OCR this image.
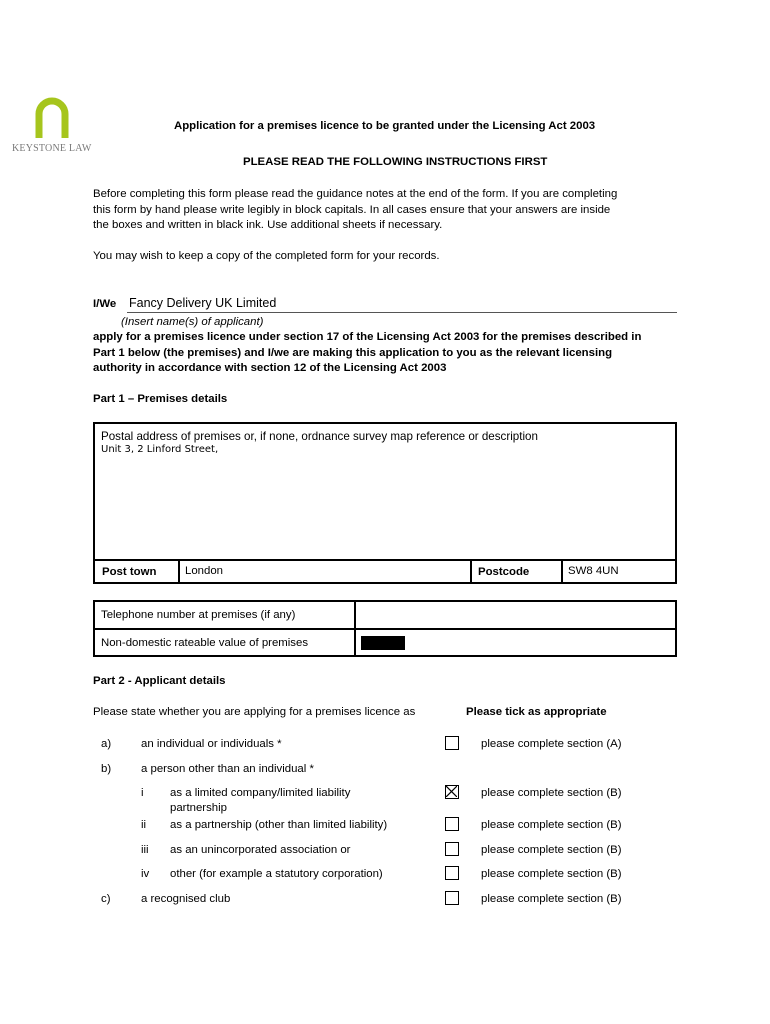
KEYSTONE LAW
Application for a premises licence to be granted under the Licensing Act 2003
PLEASE READ THE FOLLOWING INSTRUCTIONS FIRST
Before completing this form please read the guidance notes at the end of the form. If you are completing
this form by hand please write legibly in block capitals. In all cases ensure that your answers are inside
the boxes and written in black ink. Use additional sheets if necessary.
You may wish to keep a copy of the completed form for your records.
I/We Fancy Delivery UK Limited
(Insert name(s) of applicant)
apply for a premises licence under section 17 of the Licensing Act 2003 for the premises described in
Part 1 below (the premises) and I/we are making this application to you as the relevant licensing
authority in accordance with section 12 of the Licensing Act 2003
Part 1 – Premises details
Postal address of premises or, if none, ordnance survey map reference or description
Unit 3, 2 Linford Street,
Post town	London	Postcode	SW8 4UN
Telephone number at premises (if any)
Non-domestic rateable value of premises
Part 2 - Applicant details
Please state whether you are applying for a premises licence as	Please tick as appropriate
a)	an individual or individuals *	please complete section (A)
b)	a person other than an individual *
i as a limited company/limited liability
partnership
please complete section (B)
ii as a partnership (other than limited liability)	please complete section (B)
iii as an unincorporated association or	please complete section (B)
iv other (for example a statutory corporation)	please complete section (B)
c)	a recognised club	please complete section (B)
